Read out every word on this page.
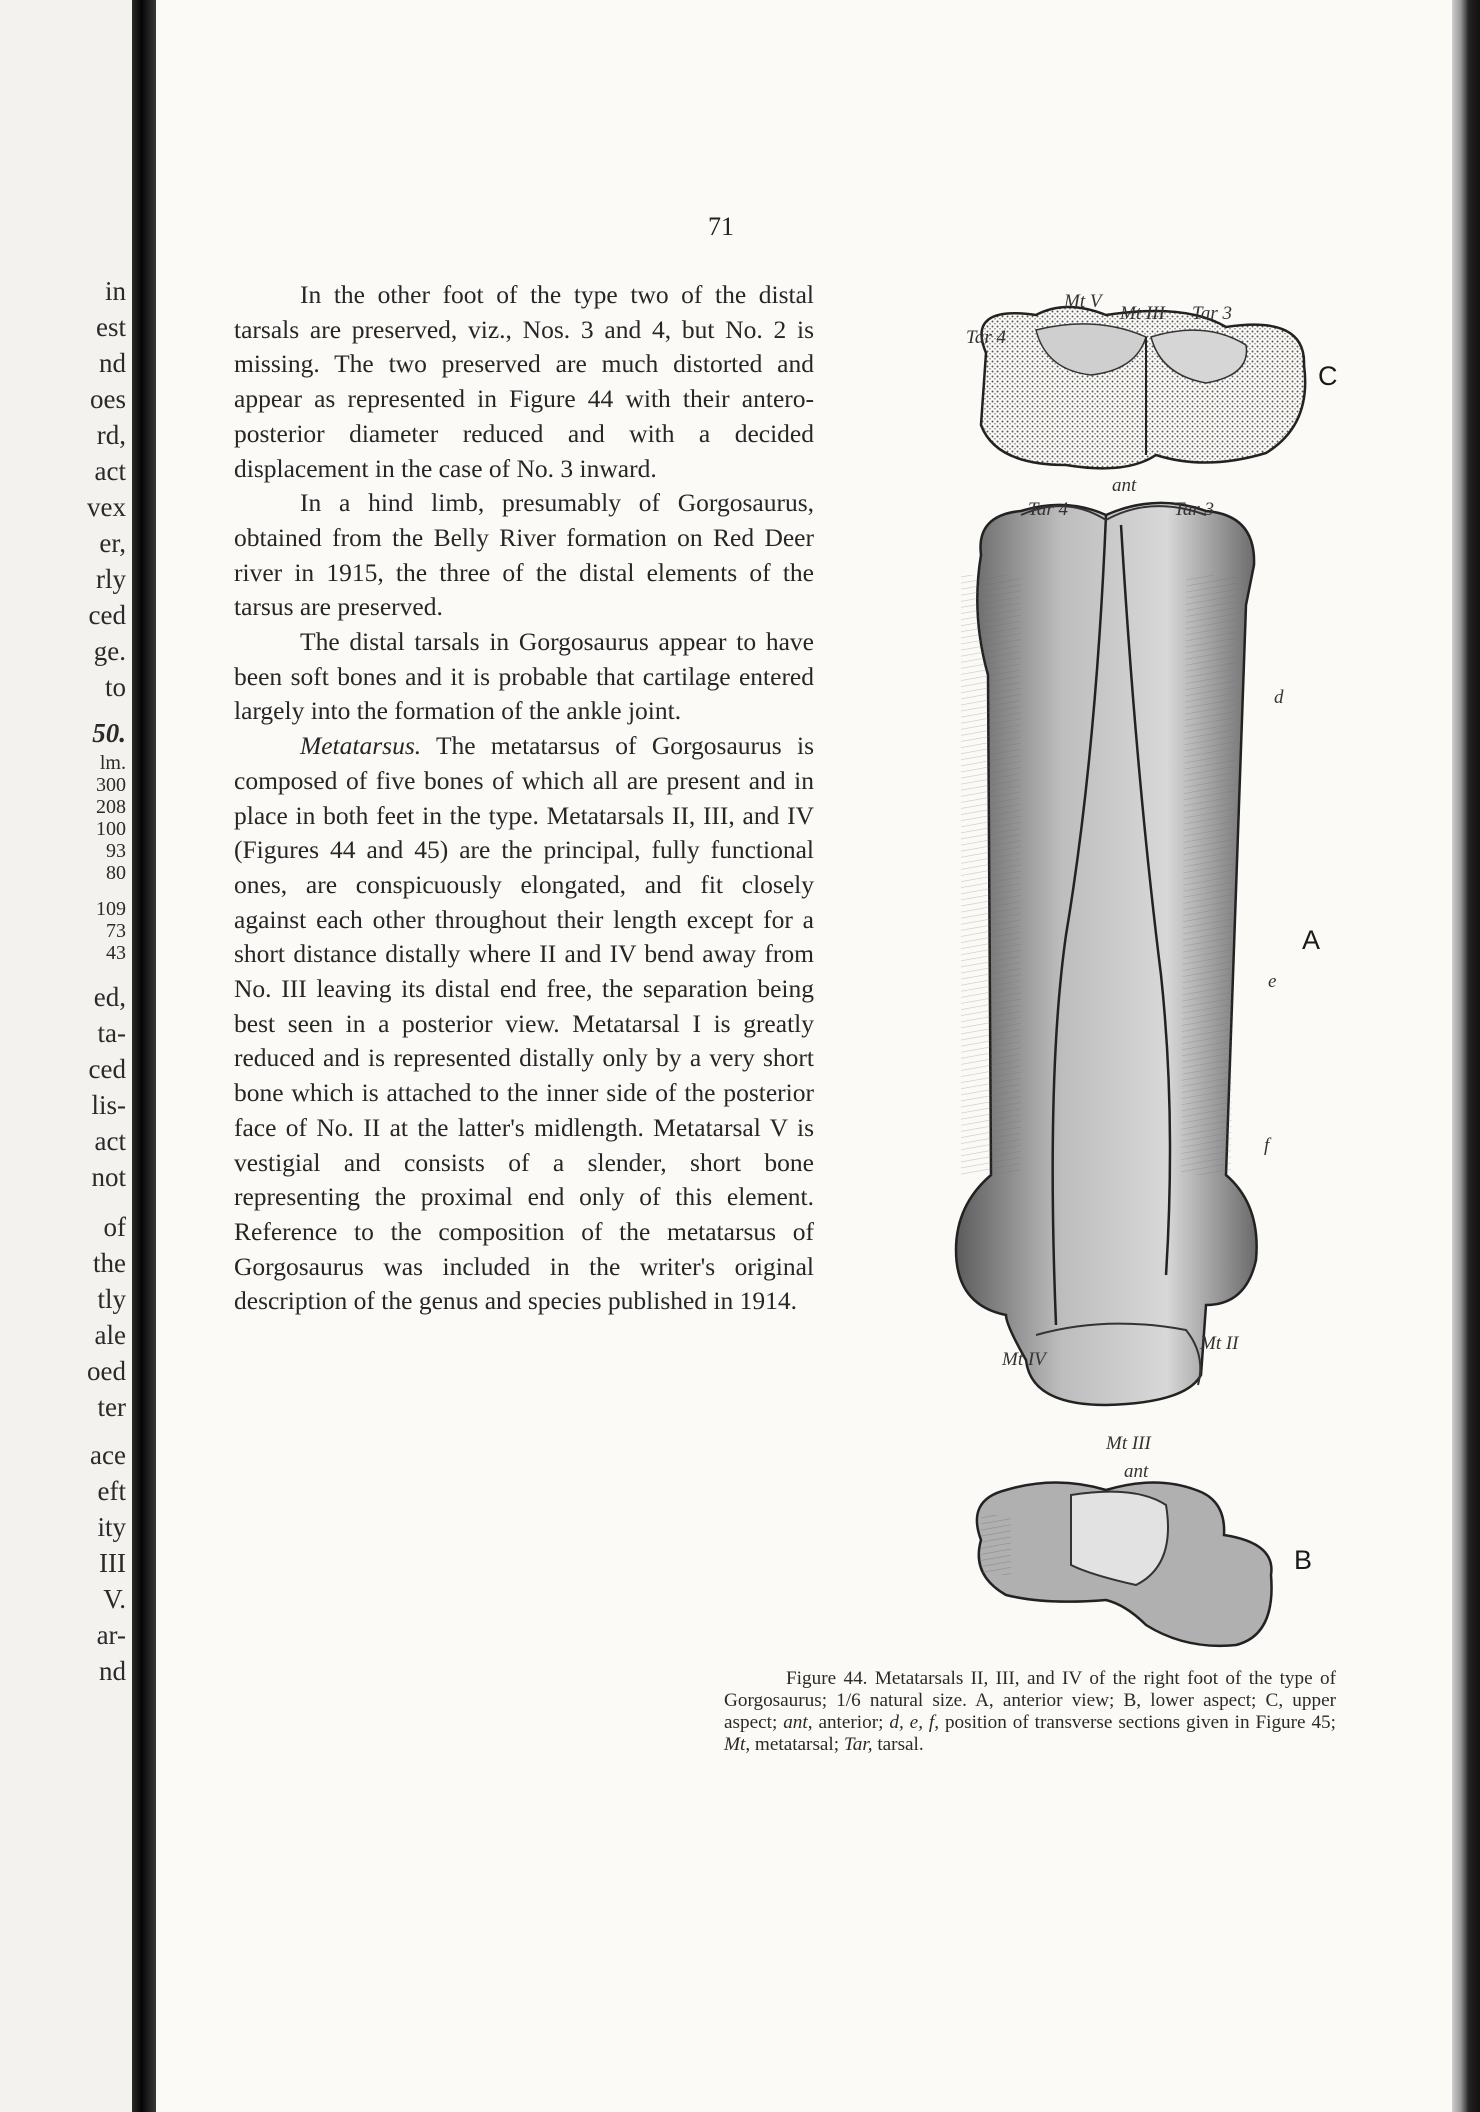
in
est
nd
oes
rd,
act
vex
er,
rly
ced
ge.
to
50.
lm.
300
208
100
93
80
109
73
43
ed,
ta-
ced
lis-
act
not
of
the
tly
ale
oed
ter
ace
eft
ity
III
V.
ar-
nd
71

In the other foot of the type two of the distal tarsals are preserved, viz., Nos. 3 and 4, but No. 2 is missing. The two preserved are much distorted and appear as represented in Figure 44 with their antero-posterior diameter reduced and with a decided displacement in the case of No. 3 inward.

In a hind limb, presumably of Gorgosaurus, obtained from the Belly River formation on Red Deer river in 1915, the three of the distal elements of the tarsus are preserved.

The distal tarsals in Gorgosaurus appear to have been soft bones and it is probable that cartilage entered largely into the formation of the ankle joint.

Metatarsus. The metatarsus of Gorgosaurus is composed of five bones of which all are present and in place in both feet in the type. Metatarsals II, III, and IV (Figures 44 and 45) are the principal, fully functional ones, are conspicuously elongated, and fit closely against each other throughout their length except for a short distance distally where II and IV bend away from No. III leaving its distal end free, the separation being best seen in a posterior view. Metatarsal I is greatly reduced and is represented distally only by a very short bone which is attached to the inner side of the posterior face of No. II at the latter's midlength. Metatarsal V is vestigial and consists of a slender, short bone representing the proximal end only of this element. Reference to the composition of the metatarsus of Gorgosaurus was included in the writer's original description of the genus and species published in 1914.

Mt V
Mt III Tar 3
Tar 4
ant
C
Tar 4	Tar 3
d
e
f
Mt IV
Mt II
Mt III
A
ant
B

Figure 44. Metatarsals II, III, and IV of the right foot of the type of Gorgosaurus; 1/6 natural size. A, anterior view; B, lower aspect; C, upper aspect; ant, anterior; d, e, f, position of transverse sections given in Figure 45; Mt, metatarsal; Tar, tarsal.
